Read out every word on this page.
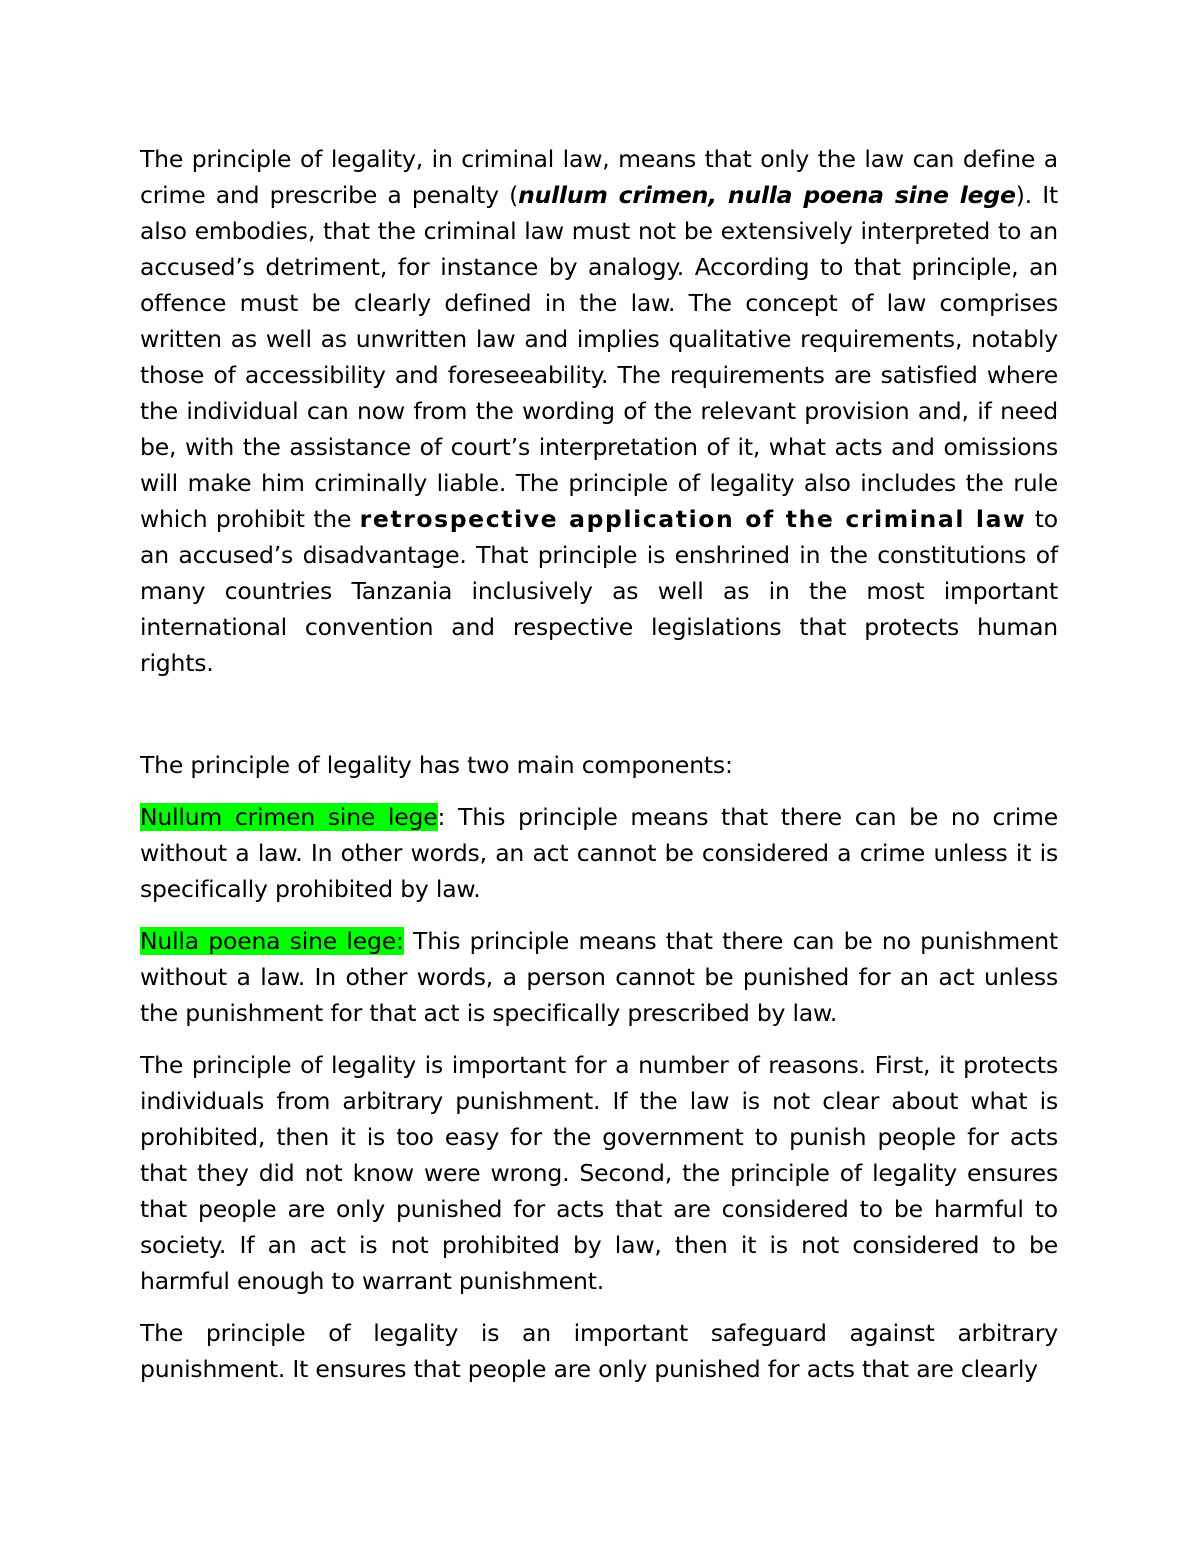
The principle of legality, in criminal law, means that only the law can define a crime and prescribe a penalty (nullum crimen, nulla poena sine lege). It also embodies, that the criminal law must not be extensively interpreted to an accused’s detriment, for instance by analogy. According to that principle, an offence must be clearly defined in the law. The concept of law comprises written as well as unwritten law and implies qualitative requirements, notably those of accessibility and foreseeability. The requirements are satisfied where the individual can now from the wording of the relevant provision and, if need be, with the assistance of court’s interpretation of it, what acts and omissions will make him criminally liable. The principle of legality also includes the rule which prohibit the retrospective application of the criminal law to an accused’s disadvantage. That principle is enshrined in the constitutions of many countries Tanzania inclusively as well as in the most important international convention and respective legislations that protects human rights.

The principle of legality has two main components:

Nullum crimen sine lege: This principle means that there can be no crime without a law. In other words, an act cannot be considered a crime unless it is specifically prohibited by law.

Nulla poena sine lege: This principle means that there can be no punishment without a law. In other words, a person cannot be punished for an act unless the punishment for that act is specifically prescribed by law.

The principle of legality is important for a number of reasons. First, it protects individuals from arbitrary punishment. If the law is not clear about what is prohibited, then it is too easy for the government to punish people for acts that they did not know were wrong. Second, the principle of legality ensures that people are only punished for acts that are considered to be harmful to society. If an act is not prohibited by law, then it is not considered to be harmful enough to warrant punishment.

The principle of legality is an important safeguard against arbitrary punishment. It ensures that people are only punished for acts that are clearly
